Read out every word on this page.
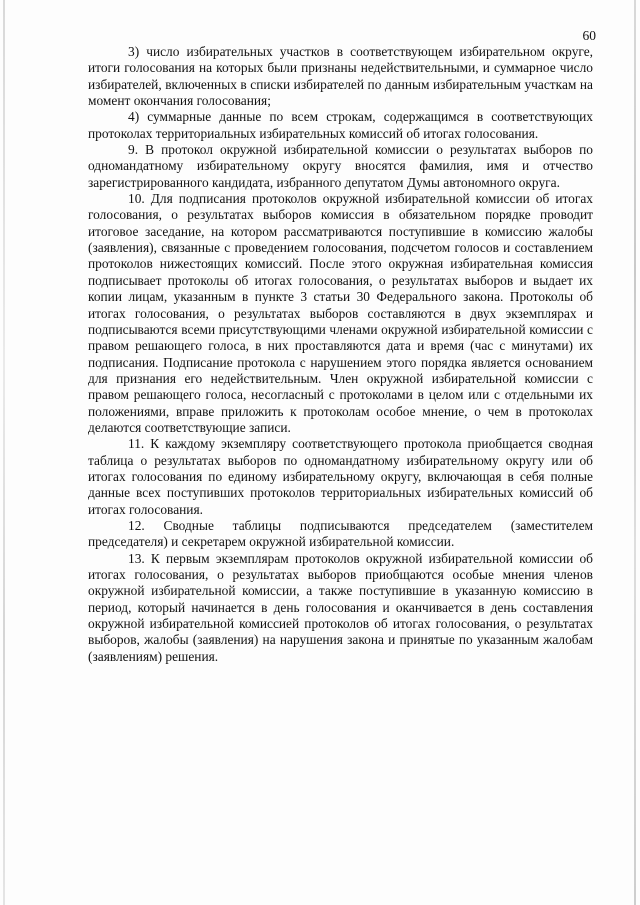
60

3) число избирательных участков в соответствующем избирательном округе, итоги голосования на которых были признаны недействительными, и суммарное число избирателей, включенных в списки избирателей по данным избирательным участкам на момент окончания голосования;

4) суммарные данные по всем строкам, содержащимся в соответствующих протоколах территориальных избирательных комиссий об итогах голосования.

9. В протокол окружной избирательной комиссии о результатах выборов по одномандатному избирательному округу вносятся фамилия, имя и отчество зарегистрированного кандидата, избранного депутатом Думы автономного округа.

10. Для подписания протоколов окружной избирательной комиссии об итогах голосования, о результатах выборов комиссия в обязательном порядке проводит итоговое заседание, на котором рассматриваются поступившие в комиссию жалобы (заявления), связанные с проведением голосования, подсчетом голосов и составлением протоколов нижестоящих комиссий. После этого окружная избирательная комиссия подписывает протоколы об итогах голосования, о результатах выборов и выдает их копии лицам, указанным в пункте 3 статьи 30 Федерального закона. Протоколы об итогах голосования, о результатах выборов составляются в двух экземплярах и подписываются всеми присутствующими членами окружной избирательной комиссии с правом решающего голоса, в них проставляются дата и время (час с минутами) их подписания. Подписание протокола с нарушением этого порядка является основанием для признания его недействительным. Член окружной избирательной комиссии с правом решающего голоса, несогласный с протоколами в целом или с отдельными их положениями, вправе приложить к протоколам особое мнение, о чем в протоколах делаются соответствующие записи.

11. К каждому экземпляру соответствующего протокола приобщается сводная таблица о результатах выборов по одномандатному избирательному округу или об итогах голосования по единому избирательному округу, включающая в себя полные данные всех поступивших протоколов территориальных избирательных комиссий об итогах голосования.

12. Сводные таблицы подписываются председателем (заместителем председателя) и секретарем окружной избирательной комиссии.

13. К первым экземплярам протоколов окружной избирательной комиссии об итогах голосования, о результатах выборов приобщаются особые мнения членов окружной избирательной комиссии, а также поступившие в указанную комиссию в период, который начинается в день голосования и оканчивается в день составления окружной избирательной комиссией протоколов об итогах голосования, о результатах выборов, жалобы (заявления) на нарушения закона и принятые по указанным жалобам (заявлениям) решения.
